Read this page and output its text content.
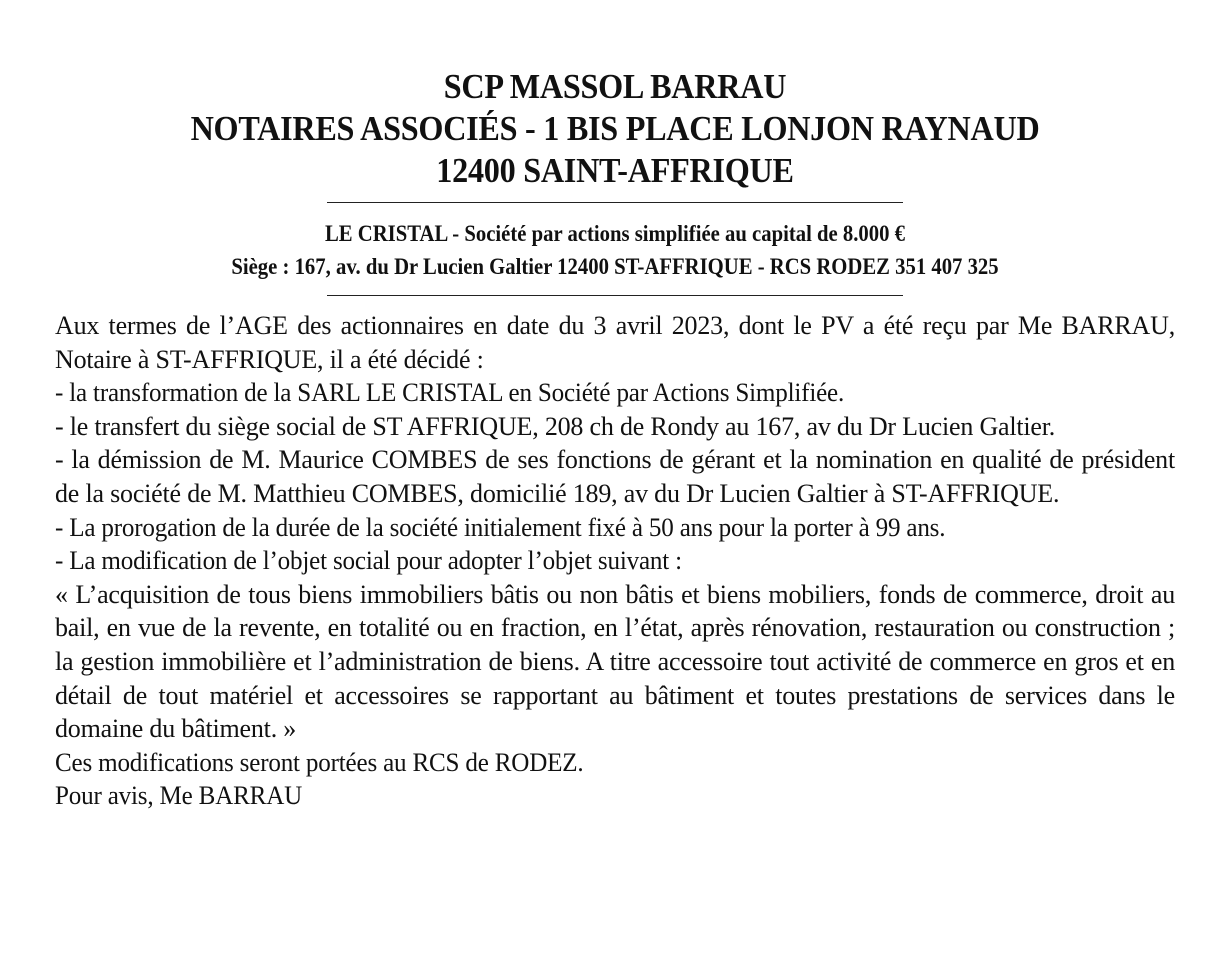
SCP MASSOL BARRAU
NOTAIRES ASSOCIÉS - 1 BIS PLACE LONJON RAYNAUD
12400 SAINT-AFFRIQUE
LE CRISTAL - Société par actions simplifiée au capital de 8.000 €
Siège : 167, av. du Dr Lucien Galtier 12400 ST-AFFRIQUE - RCS RODEZ 351 407 325

Aux termes de l’AGE des actionnaires en date du 3 avril 2023, dont le PV a été reçu par Me BARRAU, Notaire à ST-AFFRIQUE, il a été décidé :

- la transformation de la SARL LE CRISTAL en Société par Actions Simplifiée.

- le transfert du siège social de ST AFFRIQUE, 208 ch de Rondy au 167, av du Dr Lucien Galtier.

- la démission de M. Maurice COMBES de ses fonctions de gérant et la nomination en qualité de président de la société de M. Matthieu COMBES, domicilié 189, av du Dr Lucien Galtier à ST-AFFRIQUE.

- La prorogation de la durée de la société initialement fixé à 50 ans pour la porter à 99 ans.

- La modification de l’objet social pour adopter l’objet suivant :

« L’acquisition de tous biens immobiliers bâtis ou non bâtis et biens mobiliers, fonds de commerce, droit au bail, en vue de la revente, en totalité ou en fraction, en l’état, après rénovation, restauration ou construction ; la gestion immobilière et l’administration de biens. A titre accessoire tout activité de commerce en gros et en détail de tout matériel et accessoires se rapportant au bâtiment et toutes prestations de services dans le domaine du bâtiment. »

Ces modifications seront portées au RCS de RODEZ.

Pour avis, Me BARRAU
